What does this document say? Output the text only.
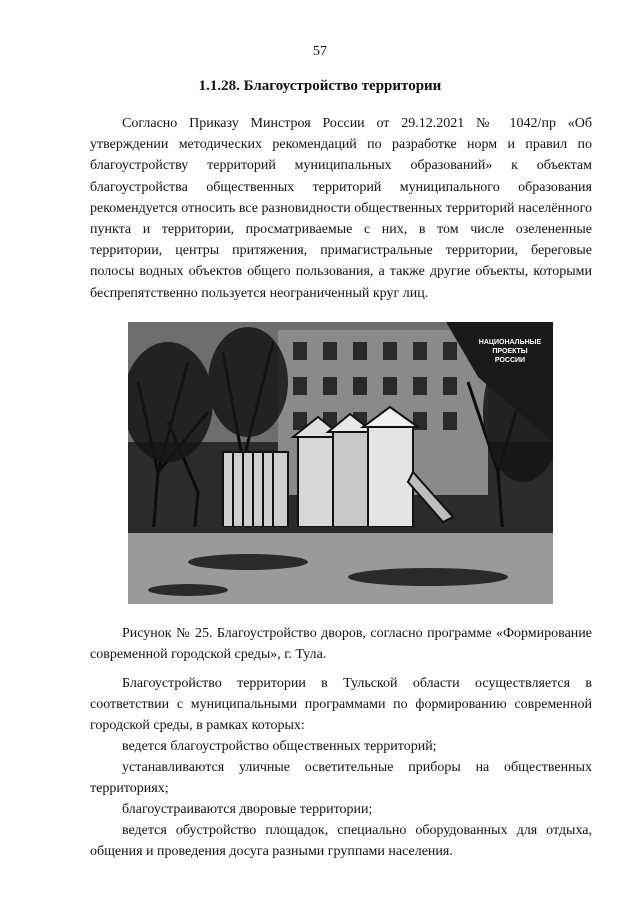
57
1.1.28. Благоустройство территории
Согласно Приказу Минстроя России от 29.12.2021 № 1042/пр «Об утверждении методических рекомендаций по разработке норм и правил по благоустройству территорий муниципальных образований» к объектам благоустройства общественных территорий муниципального образования рекомендуется относить все разновидности общественных территорий населённого пункта и территории, просматриваемые с них, в том числе озелененные территории, центры притяжения, примагистральные территории, береговые полосы водных объектов общего пользования, а также другие объекты, которыми беспрепятственно пользуется неограниченный круг лиц.
НАЦИОНАЛЬНЫЕ
ПРОЕКТЫ
РОССИИ
Рисунок № 25. Благоустройство дворов, согласно программе «Формирование современной городской среды», г. Тула.
Благоустройство территории в Тульской области осуществляется в соответствии с муниципальными программами по формированию современной городской среды, в рамках которых:
ведется благоустройство общественных территорий;
устанавливаются уличные осветительные приборы на общественных территориях;
благоустраиваются дворовые территории;
ведется обустройство площадок, специально оборудованных для отдыха, общения и проведения досуга разными группами населения.
